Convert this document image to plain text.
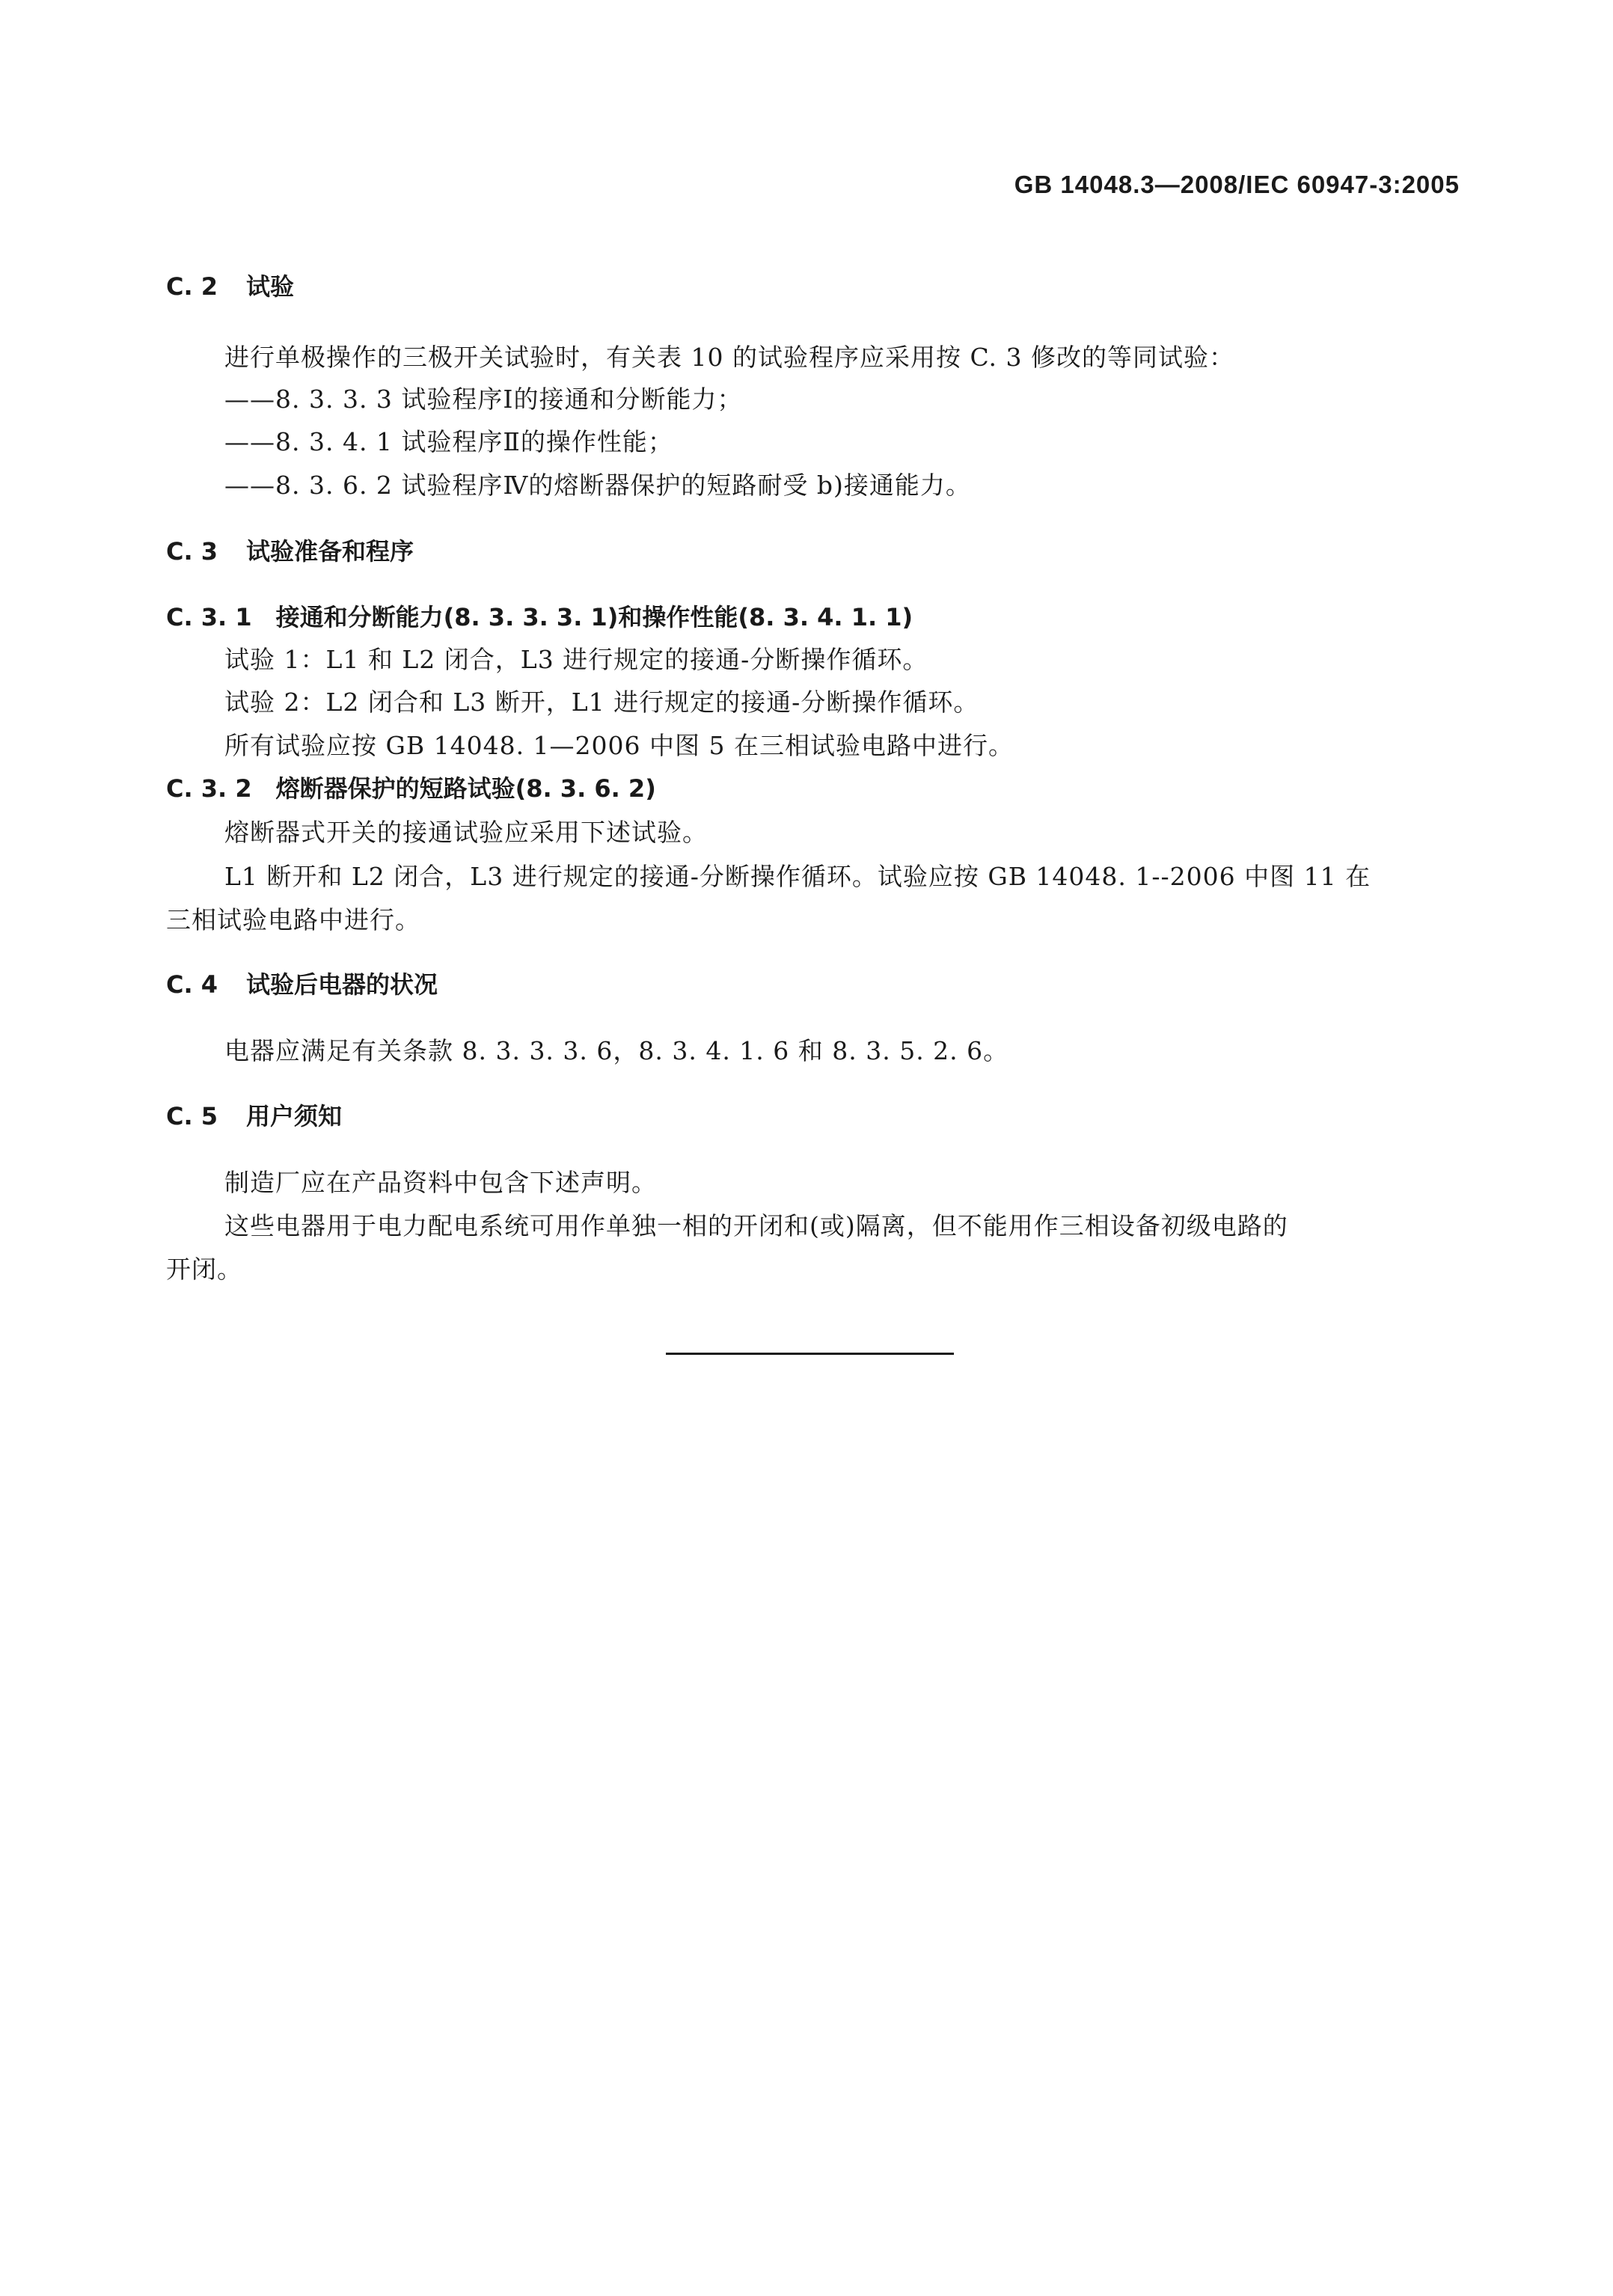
GB 14048.3—2008/IEC 60947-3:2005
C. 2 试验
进行单极操作的三极开关试验时，有关表 10 的试验程序应采用按 C. 3 修改的等同试验：
——8. 3. 3. 3 试验程序Ⅰ的接通和分断能力；
——8. 3. 4. 1 试验程序Ⅱ的操作性能；
——8. 3. 6. 2 试验程序Ⅳ的熔断器保护的短路耐受 b)接通能力。
C. 3 试验准备和程序
C. 3. 1 接通和分断能力(8. 3. 3. 3. 1)和操作性能(8. 3. 4. 1. 1)
试验 1：L1 和 L2 闭合，L3 进行规定的接通-分断操作循环。
试验 2：L2 闭合和 L3 断开，L1 进行规定的接通-分断操作循环。
所有试验应按 GB 14048. 1—2006 中图 5 在三相试验电路中进行。
C. 3. 2 熔断器保护的短路试验(8. 3. 6. 2)
熔断器式开关的接通试验应采用下述试验。
L1 断开和 L2 闭合，L3 进行规定的接通-分断操作循环。试验应按 GB 14048. 1--2006 中图 11 在
三相试验电路中进行。
C. 4 试验后电器的状况
电器应满足有关条款 8. 3. 3. 3. 6，8. 3. 4. 1. 6 和 8. 3. 5. 2. 6。
C. 5 用户须知
制造厂应在产品资料中包含下述声明。
这些电器用于电力配电系统可用作单独一相的开闭和(或)隔离，但不能用作三相设备初级电路的
开闭。
